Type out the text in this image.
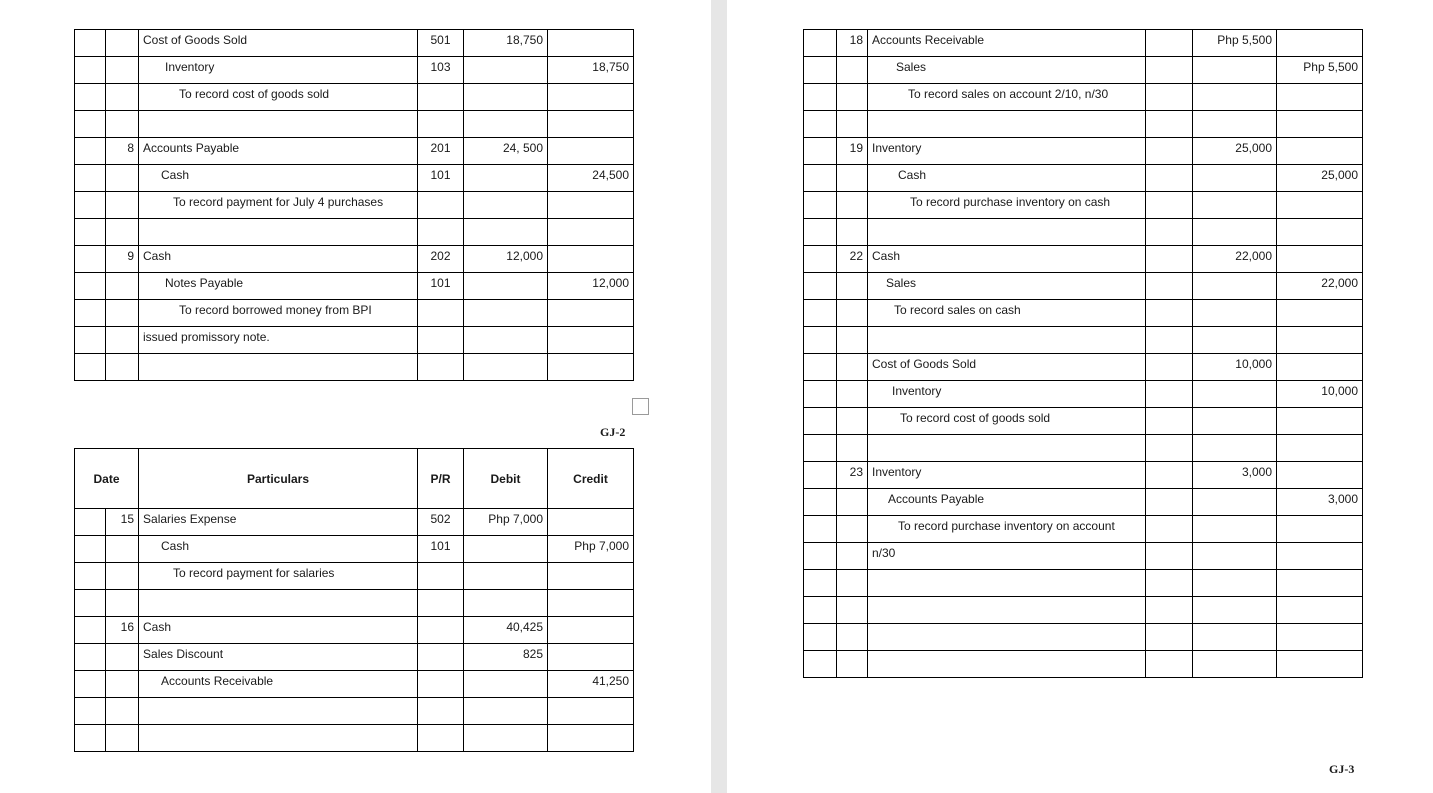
		Cost of Goods Sold	501	18,750	
		Inventory	103		18,750
		To record cost of goods sold			

	8	Accounts Payable	201	24, 500	
		Cash	101		24,500
		To record payment for July 4 purchases			

	9	Cash	202	12,000	
		Notes Payable	101		12,000
		To record borrowed money from BPI			
		issued promissory note.			

GJ-2
Date		Particulars	P/R	Debit	Credit
	15	Salaries Expense	502	Php 7,000	
		Cash	101		Php 7,000
		To record payment for salaries			

	16	Cash		40,425	
		Sales Discount		825	
		Accounts Receivable			41,250

	18	Accounts Receivable		Php 5,500	
		Sales			Php 5,500
		To record sales on account 2/10, n/30			

	19	Inventory		25,000	
		Cash			25,000
		To record purchase inventory on cash			

	22	Cash		22,000	
		Sales			22,000
		To record sales on cash			

		Cost of Goods Sold		10,000	
		Inventory			10,000
		To record cost of goods sold			

	23	Inventory		3,000	
		Accounts Payable			3,000
		To record purchase inventory on account			
		n/30			

GJ-3
